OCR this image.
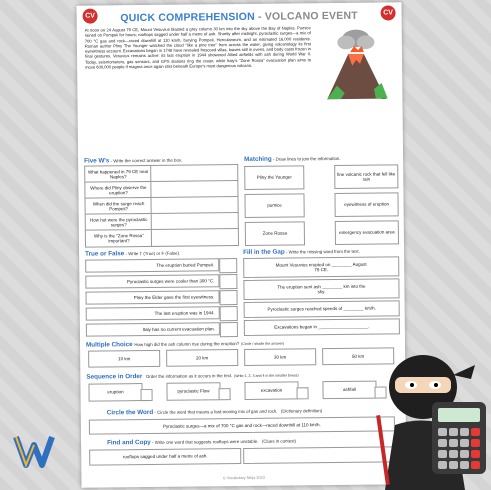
CV	CV
QUICK COMPREHENSION - VOLCANO EVENT
At noon on 24 August 79 CE, Mount Vesuvius blasted a grey column 30 km into the sky above the Bay of Naples. Pumice rained on Pompeii for hours; rooftops sagged under half a metre of ash. Shortly after midnight, pyroclastic surges—a mix of 700 °C gas and rock—raced downhill at 110 km/h, burying Pompeii, Herculaneum, and an estimated 16,000 residents. Roman author Pliny The Younger watched the cloud "like a pine tree" from across the water, giving volcanology its first eyewitness account. Excavations began in 1748 have revealed frescoed villas, loaves still in ovens, and body casts frozen in final gestures. Vesuvius remains active: its last eruption in 1944 showered Allied airfields with ash during World War II. Today, seismometers, gas sensors, and GPS stations ring the crater, while Italy's "Zone Rossa" evacuation plan aims to move 600,000 people if magma once again stirs beneath Europe's most dangerous volcano.
Five W's - Write the correct answer in the box.
What happened in 79 CE near Naples?
Where did Pliny observe the eruption?
When did the surge reach Pompeii?
How hot were the pyroclastic surges?
Why is the "Zone Rossa" important?
Matching - Draw lines to join the information.
Pliny the Younger
pumice
Zone Rossa
fine volcanic rock that fell like rain
eyewitness of eruption
emergency evacuation area
True or False - Write T (True) or F (False).
The eruption buried Pompeii.
Pyroclastic surges were cooler than 300 °C.
Pliny the Elder gave the first eyewitness.
The last eruption was in 1944.
Italy has no current evacuation plan.
Fill in the Gap - Write the missing word from the text.
Mount Vesuvius erupted on ________ August
79 CE.
The eruption sent ash ________ km into the
sky.
Pyroclastic surges reached speeds of ________ km/h.
Excavations began in ____________________ .
Multiple Choice How high did the ash column rise during the eruption? (Circle / shade the answer)
10 km	20 km	30 km	50 km
Sequence in Order Order the information as it occurs in the text. (Write 1, 2, 3 and 4 in the smaller boxes)
eruption	pyroclastic Flow	excavation	ashfall
Circle the Word - Circle the word that means a fast-moving mix of gas and rock. (Dictionary definition)
Pyroclastic surges—a mix of 700 °C gas and rock—raced downhill at 110 km/h.
Find and Copy - Write one word that suggests rooftops were unstable. (Clues in context)
rooftops sagged under half a metre of ash.
© Vocabulary Ninja 2023
